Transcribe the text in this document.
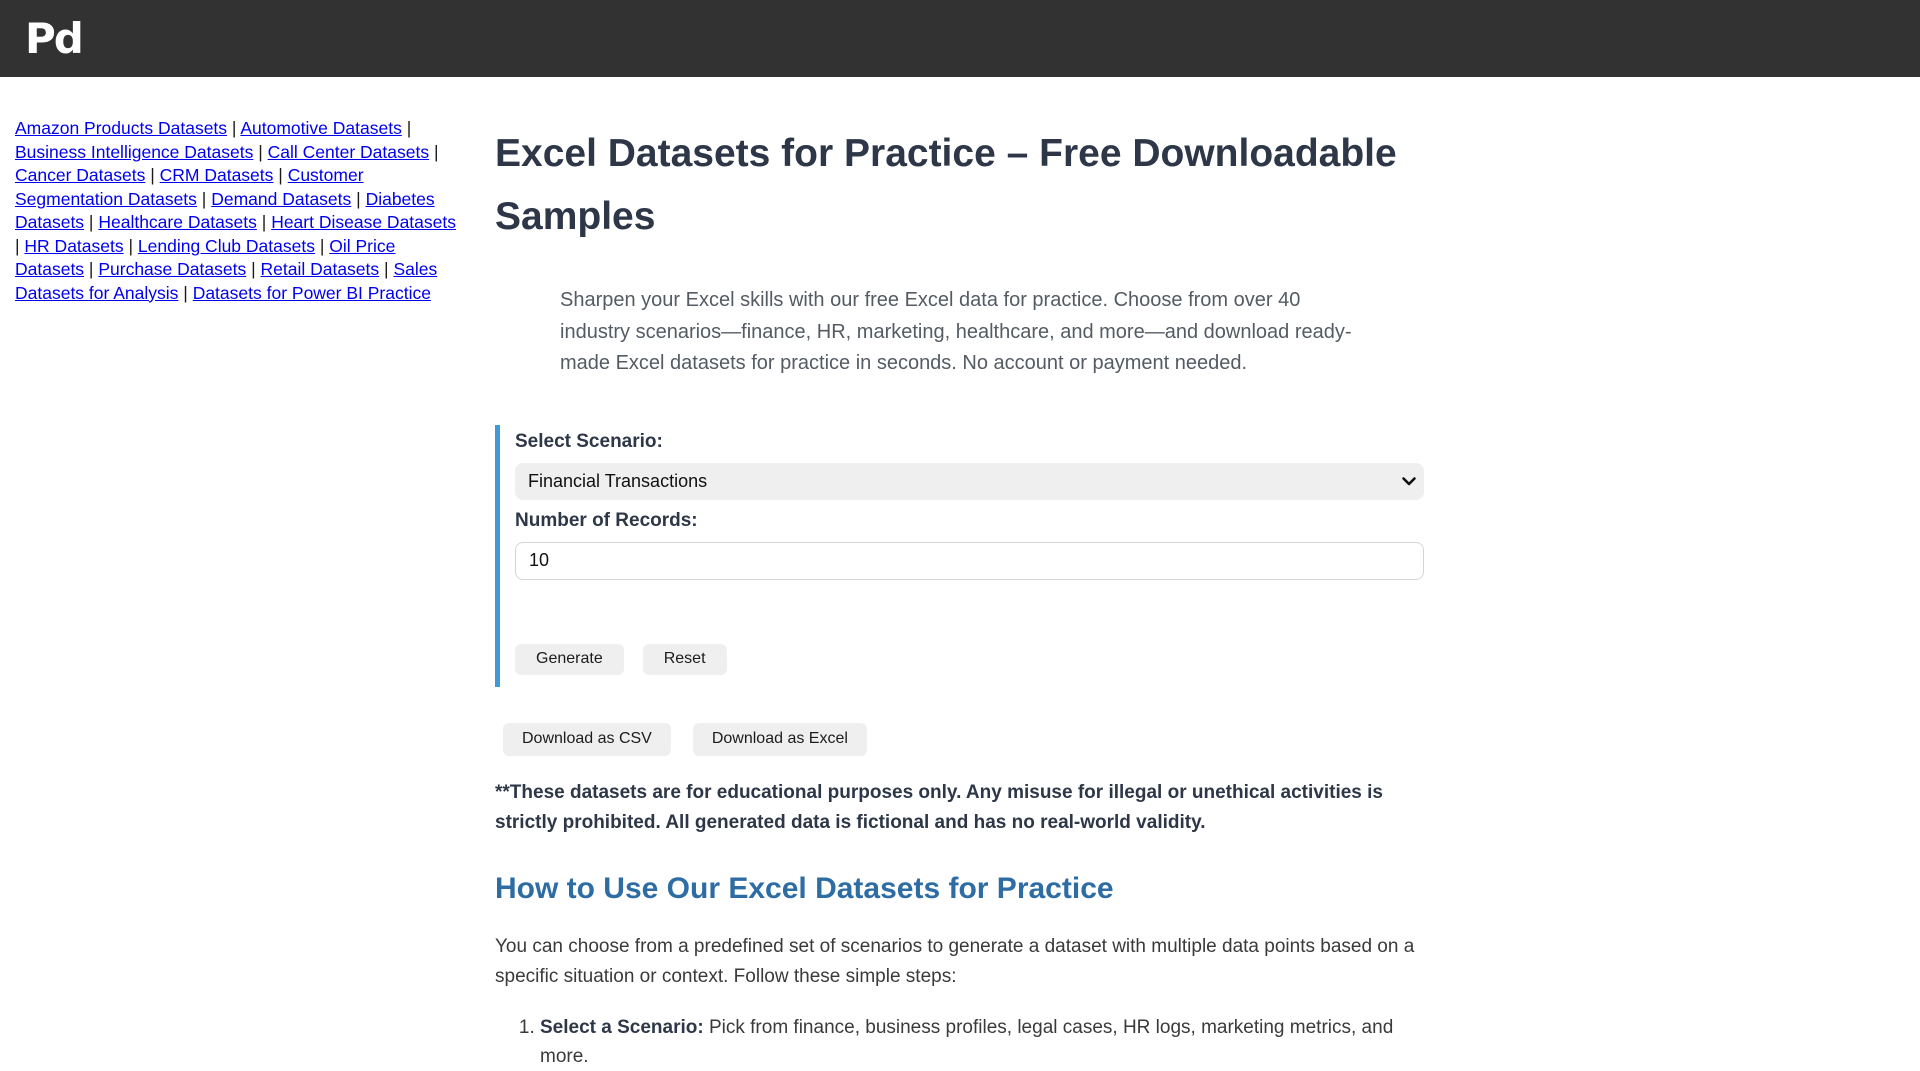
Pd
Amazon Products Datasets | Automotive Datasets | Business Intelligence Datasets | Call Center Datasets | Cancer Datasets | CRM Datasets | Customer Segmentation Datasets | Demand Datasets | Diabetes Datasets | Healthcare Datasets | Heart Disease Datasets | HR Datasets | Lending Club Datasets | Oil Price Datasets | Purchase Datasets | Retail Datasets | Sales Datasets for Analysis | Datasets for Power BI Practice
Excel Datasets for Practice – Free Downloadable Samples
Sharpen your Excel skills with our free Excel data for practice. Choose from over 40 industry scenarios—finance, HR, marketing, healthcare, and more—and download ready-made Excel datasets for practice in seconds. No account or payment needed.
Select Scenario:
Financial Transactions
Number of Records:
10
Generate	Reset
Download as CSV	Download as Excel

**These datasets are for educational purposes only. Any misuse for illegal or unethical activities is strictly prohibited. All generated data is fictional and has no real-world validity.

How to Use Our Excel Datasets for Practice

You can choose from a predefined set of scenarios to generate a dataset with multiple data points based on a specific situation or context. Follow these simple steps:

1. Select a Scenario: Pick from finance, business profiles, legal cases, HR logs, marketing metrics, and more.
